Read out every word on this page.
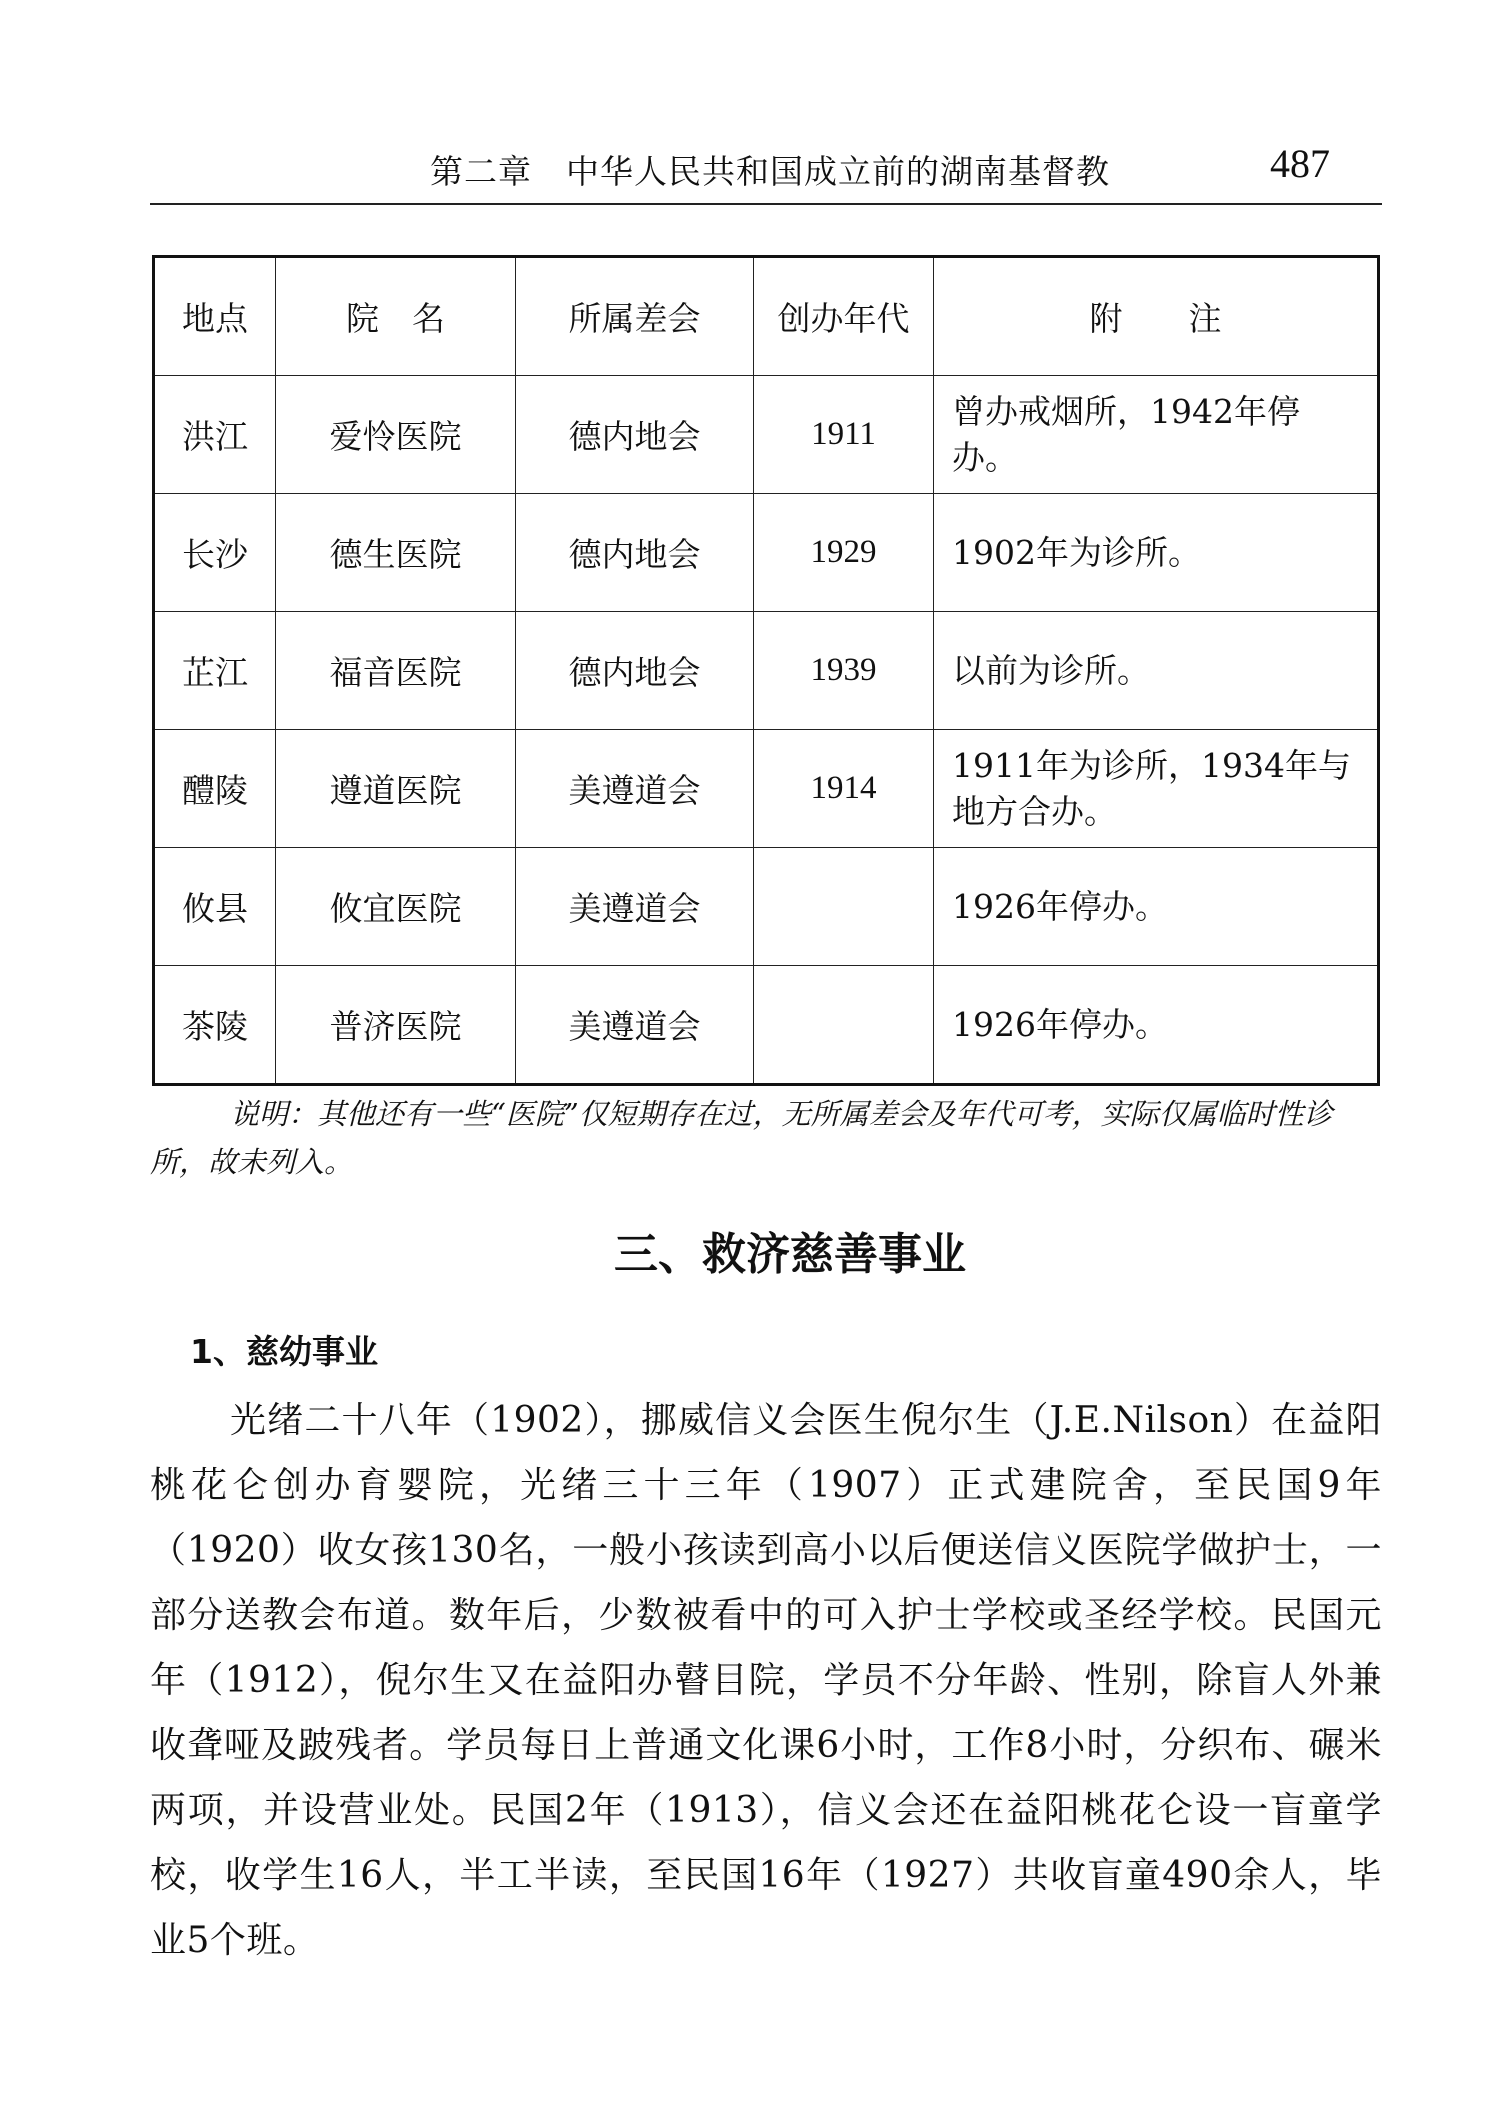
第二章　中华人民共和国成立前的湖南基督教	487
地点	院　名	所属差会	创办年代	附　　注
洪江	爱怜医院	德内地会	1911	曾办戒烟所，1942年停办。
长沙	德生医院	德内地会	1929	1902年为诊所。
芷江	福音医院	德内地会	1939	以前为诊所。
醴陵	遵道医院	美遵道会	1914	1911年为诊所，1934年与地方合办。
攸县	攸宜医院	美遵道会		1926年停办。
茶陵	普济医院	美遵道会		1926年停办。
说明：其他还有一些“医院”仅短期存在过，无所属差会及年代可考，实际仅属临时性诊所，故未列入。
三、救济慈善事业
1、慈幼事业
光绪二十八年（1902），挪威信义会医生倪尔生（J.E.Nilson）在益阳桃花仑创办育婴院，光绪三十三年（1907）正式建院舍，至民国9年（1920）收女孩130名，一般小孩读到高小以后便送信义医院学做护士，一部分送教会布道。数年后，少数被看中的可入护士学校或圣经学校。民国元年（1912），倪尔生又在益阳办瞽目院，学员不分年龄、性别，除盲人外兼收聋哑及跛残者。学员每日上普通文化课6小时，工作8小时，分织布、碾米两项，并设营业处。民国2年（1913），信义会还在益阳桃花仑设一盲童学校，收学生16人，半工半读，至民国16年（1927）共收盲童490余人，毕业5个班。
